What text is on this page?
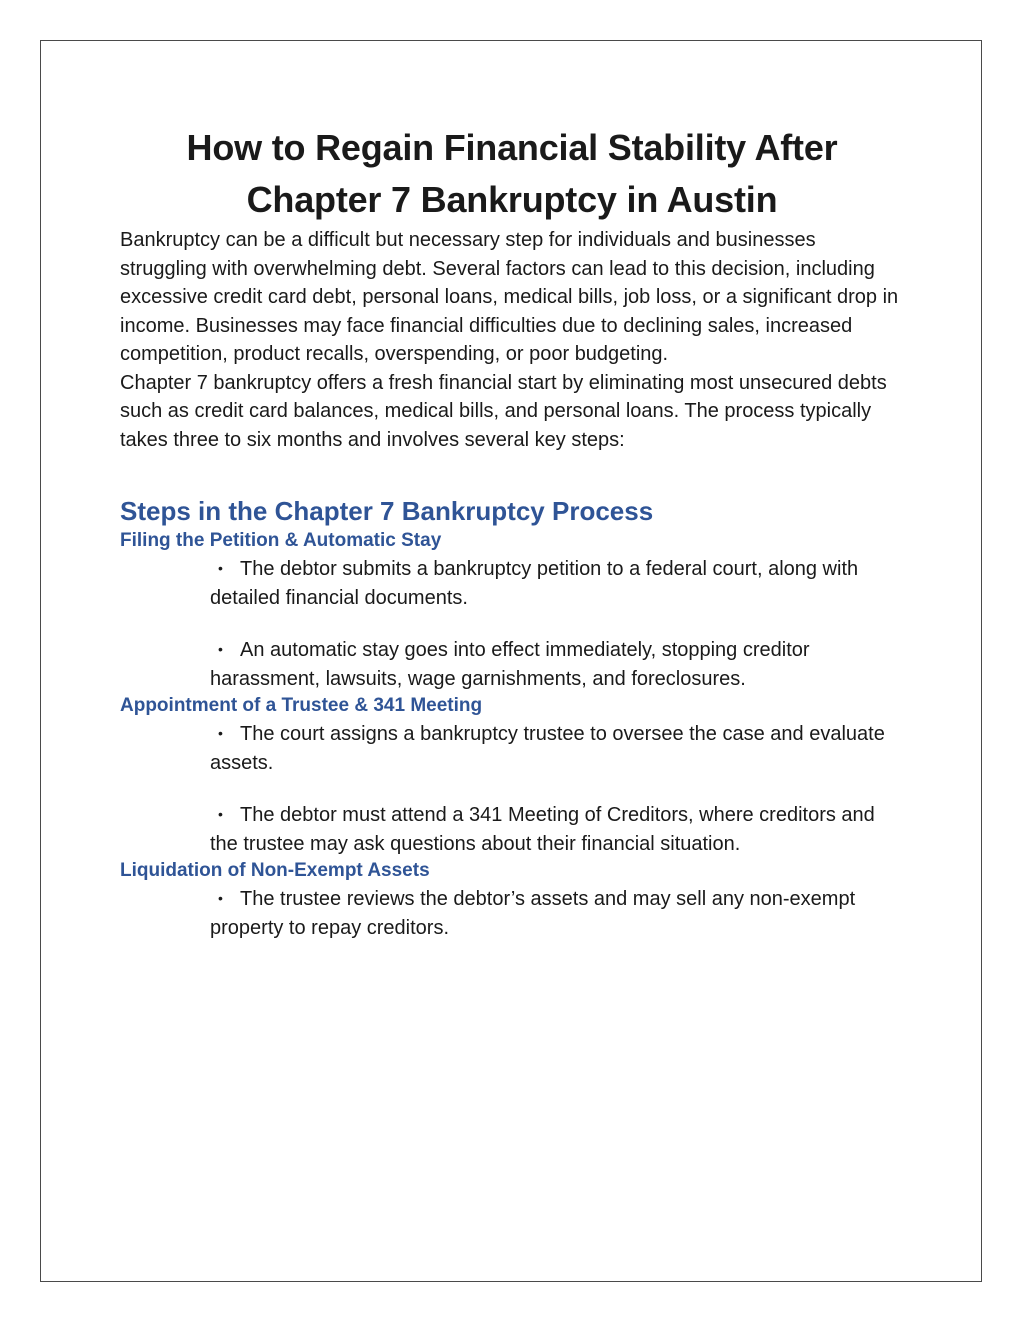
How to Regain Financial Stability After Chapter 7 Bankruptcy in Austin

Bankruptcy can be a difficult but necessary step for individuals and businesses struggling with overwhelming debt. Several factors can lead to this decision, including excessive credit card debt, personal loans, medical bills, job loss, or a significant drop in income. Businesses may face financial difficulties due to declining sales, increased competition, product recalls, overspending, or poor budgeting.

Chapter 7 bankruptcy offers a fresh financial start by eliminating most unsecured debts such as credit card balances, medical bills, and personal loans. The process typically takes three to six months and involves several key steps:

Steps in the Chapter 7 Bankruptcy Process
Filing the Petition & Automatic Stay
• The debtor submits a bankruptcy petition to a federal court, along with detailed financial documents.
• An automatic stay goes into effect immediately, stopping creditor harassment, lawsuits, wage garnishments, and foreclosures.
Appointment of a Trustee & 341 Meeting
• The court assigns a bankruptcy trustee to oversee the case and evaluate assets.
• The debtor must attend a 341 Meeting of Creditors, where creditors and the trustee may ask questions about their financial situation.
Liquidation of Non-Exempt Assets
• The trustee reviews the debtor’s assets and may sell any non-exempt property to repay creditors.
